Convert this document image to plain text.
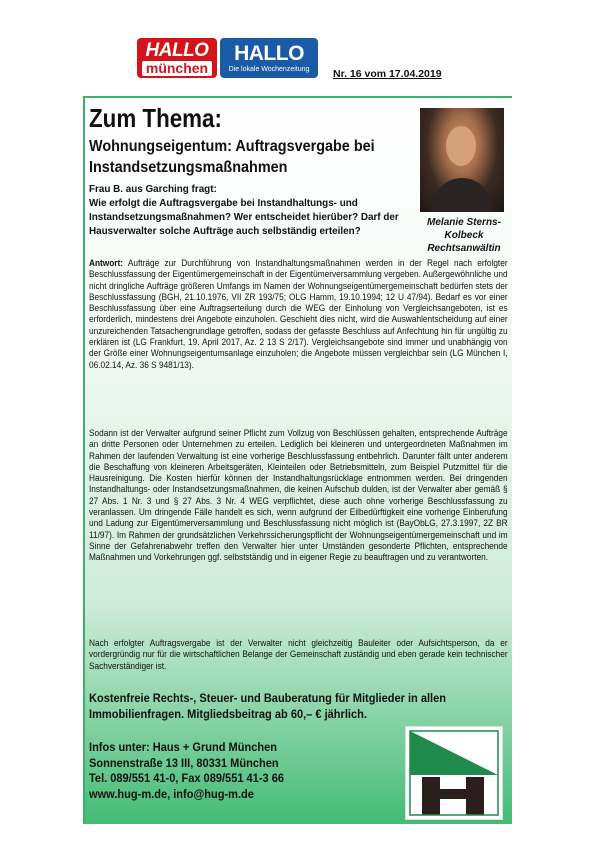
HALLO
münchen
HALLO
Die lokale Wochenzeitung Nr. 16 vom 17.04.2019
Zum Thema:
Wohnungseigentum: Auftragsvergabe bei Instandsetzungsmaßnahmen
Frau B. aus Garching fragt:
Wie erfolgt die Auftragsvergabe bei Instandhaltungs- und Instandsetzungsmaßnahmen? Wer entscheidet hierüber? Darf der Hausverwalter solche Aufträge auch selbständig erteilen?
Melanie Sterns-Kolbeck
Rechtsanwältin
Antwort: Aufträge zur Durchführung von Instandhaltungsmaßnahmen werden in der Regel nach erfolgter Beschlussfassung der Eigentümergemeinschaft in der Eigentümerversammlung vergeben. Außergewöhnliche und nicht dringliche Aufträge größeren Umfangs im Namen der Wohnungseigentümergemeinschaft bedürfen stets der Beschlussfassung (BGH, 21.10.1976, VII ZR 193/75; OLG Hamm, 19.10.1994; 12 U 47/94). Bedarf es vor einer Beschlussfassung über eine Auftragserteilung durch die WEG der Einholung von Vergleichsangeboten, ist es erforderlich, mindestens drei Angebote einzuholen. Geschieht dies nicht, wird die Auswahlentscheidung auf einer unzureichenden Tatsachengrundlage getroffen, sodass der gefasste Beschluss auf Anfechtung hin für ungültig zu erklären ist (LG Frankfurt, 19. April 2017, Az. 2 13 S 2/17). Vergleichsangebote sind immer und unabhängig von der Größe einer Wohnungseigentumsanlage einzuholen; die Angebote müssen vergleichbar sein (LG München I, 06.02.14, Az. 36 S 9481/13).
Sodann ist der Verwalter aufgrund seiner Pflicht zum Vollzug von Beschlüssen gehalten, entsprechende Aufträge an dritte Personen oder Unternehmen zu erteilen. Lediglich bei kleineren und untergeordneten Maßnahmen im Rahmen der laufenden Verwaltung ist eine vorherige Beschlussfassung entbehrlich. Darunter fällt unter anderem die Beschaffung von kleineren Arbeitsgeräten, Kleinteilen oder Betriebsmitteln, zum Beispiel Putzmittel für die Hausreinigung. Die Kosten hierfür können der Instandhaltungsrücklage entnommen werden. Bei dringenden Instandhaltungs- oder Instandsetzungsmaßnahmen, die keinen Aufschub dulden, ist der Verwalter aber gemäß § 27 Abs. 1 Nr. 3 und § 27 Abs. 3 Nr. 4 WEG verpflichtet, diese auch ohne vorherige Beschlussfassung zu veranlassen. Um dringende Fälle handelt es sich, wenn aufgrund der Eilbedürftigkeit eine vorherige Einberufung und Ladung zur Eigentümerversammlung und Beschlussfassung nicht möglich ist (BayObLG, 27.3.1997, 2Z BR 11/97). Im Rahmen der grundsätzlichen Verkehrssicherungspflicht der Wohnungseigentümergemeinschaft und im Sinne der Gefahrenabwehr treffen den Verwalter hier unter Umständen gesonderte Pflichten, entsprechende Maßnahmen und Vorkehrungen ggf. selbstständig und in eigener Regie zu beauftragen und zu verantworten.
Nach erfolgter Auftragsvergabe ist der Verwalter nicht gleichzeitig Bauleiter oder Aufsichtsperson, da er vordergründig nur für die wirtschaftlichen Belange der Gemeinschaft zuständig und eben gerade kein technischer Sachverständiger ist.
Kostenfreie Rechts-, Steuer- und Bauberatung für Mitglieder in allen Immobilienfragen. Mitgliedsbeitrag ab 60,– € jährlich.
Infos unter: Haus + Grund München
Sonnenstraße 13 III, 80331 München
Tel. 089/551 41-0, Fax 089/551 41-3 66
www.hug-m.de, info@hug-m.de
